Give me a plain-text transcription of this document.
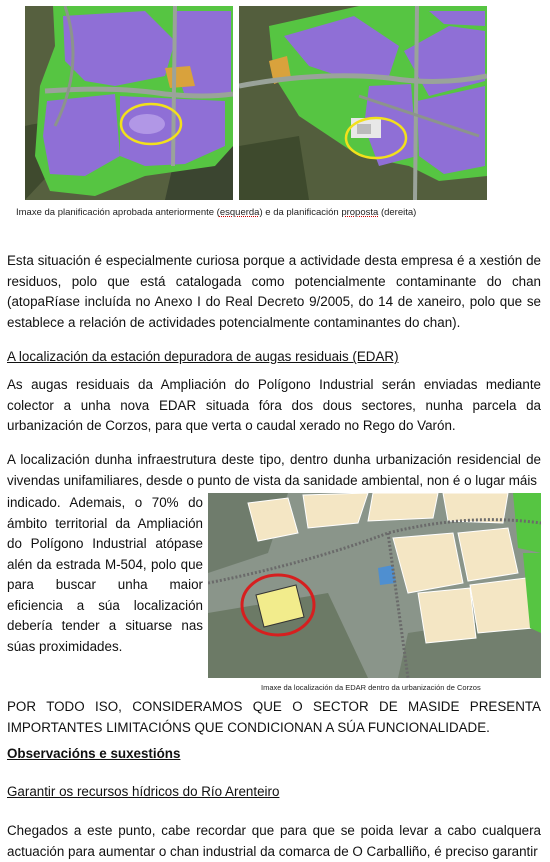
Imaxe da planificación aprobada anteriormente (esquerda) e da planificación proposta (dereita)

Esta situación é especialmente curiosa porque a actividade desta empresa é a xestión de residuos, polo que está catalogada como potencialmente contaminante do chan (atopaRíase incluída no Anexo I do Real Decreto 9/2005, do 14 de xaneiro, polo que se establece a relación de actividades potencialmente contaminantes do chan).

A localización da estación depuradora de augas residuais (EDAR)

As augas residuais da Ampliación do Polígono Industrial serán enviadas mediante colector a unha nova EDAR situada fóra dos dous sectores, nunha parcela da urbanización de Corzos, para que verta o caudal xerado no Rego do Varón.

A localización dunha infraestrutura deste tipo, dentro dunha urbanización residencial de vivendas unifamiliares, desde o punto de vista da sanidade ambiental, non é o lugar máis

indicado. Ademais, o 70% do ámbito territorial da Ampliación do Polígono Industrial atópase alén da estrada M-504, polo que para buscar unha maior eficiencia a súa localización debería tender a situarse nas súas proximidades.

Imaxe da localización da EDAR dentro da urbanización de Corzos

POR TODO ISO, CONSIDERAMOS QUE O SECTOR DE MASIDE PRESENTA IMPORTANTES LIMITACIÓNS QUE CONDICIONAN A SÚA FUNCIONALIDADE.

Observacións e suxestións
Garantir os recursos hídricos do Río Arenteiro

Chegados a este punto, cabe recordar que para que se poida levar a cabo cualquera actuación para aumentar o chan industrial da comarca de O Carballiño, é preciso garantir
